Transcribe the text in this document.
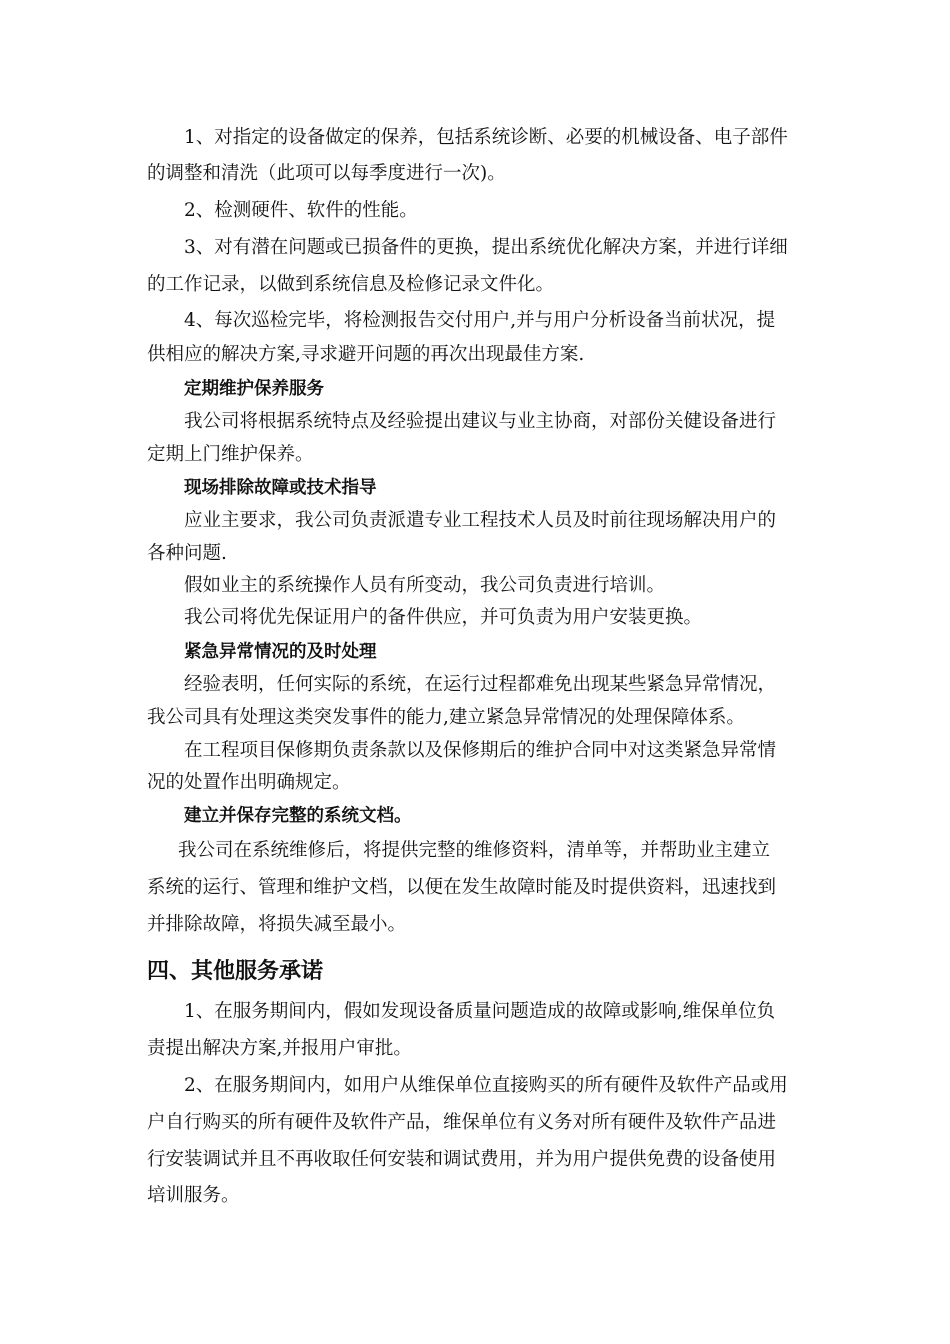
1、对指定的设备做定的保养，包括系统诊断、必要的机械设备、电子部件

的调整和清洗（此项可以每季度进行一次)。

2、检测硬件、软件的性能。

3、对有潜在问题或已损备件的更换，提出系统优化解决方案，并进行详细

的工作记录，以做到系统信息及检修记录文件化。

4、每次巡检完毕，将检测报告交付用户,并与用户分析设备当前状况，提

供相应的解决方案,寻求避开问题的再次出现最佳方案.

定期维护保养服务

我公司将根据系统特点及经验提出建议与业主协商，对部份关健设备进行

定期上门维护保养。

现场排除故障或技术指导

应业主要求，我公司负责派遣专业工程技术人员及时前往现场解决用户的

各种问题.

假如业主的系统操作人员有所变动，我公司负责进行培训。

我公司将优先保证用户的备件供应，并可负责为用户安装更换。

紧急异常情况的及时处理

经验表明，任何实际的系统，在运行过程都难免出现某些紧急异常情况，

我公司具有处理这类突发事件的能力,建立紧急异常情况的处理保障体系。

在工程项目保修期负责条款以及保修期后的维护合同中对这类紧急异常情

况的处置作出明确规定。

建立并保存完整的系统文档。

我公司在系统维修后，将提供完整的维修资料，清单等，并帮助业主建立

系统的运行、管理和维护文档，以便在发生故障时能及时提供资料，迅速找到

并排除故障，将损失减至最小。

四、其他服务承诺

1、在服务期间内，假如发现设备质量问题造成的故障或影响,维保单位负

责提出解决方案,并报用户审批。

2、在服务期间内，如用户从维保单位直接购买的所有硬件及软件产品或用

户自行购买的所有硬件及软件产品，维保单位有义务对所有硬件及软件产品进

行安装调试并且不再收取任何安装和调试费用，并为用户提供免费的设备使用

培训服务。
